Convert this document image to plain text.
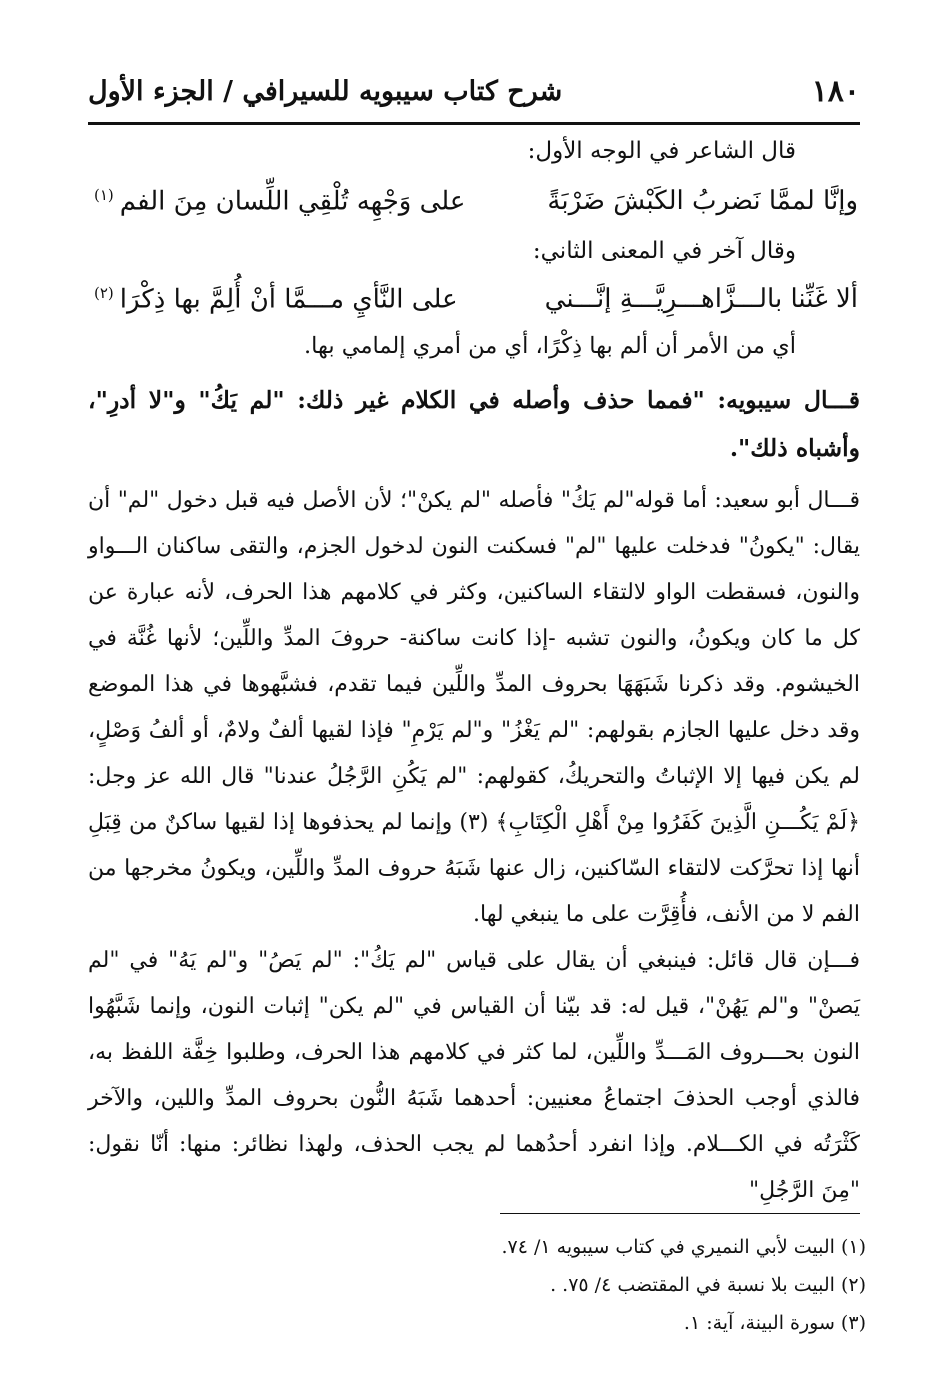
١٨٠
شرح كتاب سيبويه للسيرافي / الجزء الأول
قال الشاعر في الوجه الأول:
وإنَّا لممَّا نَضربُ الكَبْشَ ضَرْبَةً
على وَجْهِه تُلْقِي اللِّسان مِنَ الفم$^{(١)}$
وقال آخر في المعنى الثاني:
ألا غَنِّنا بالـــزَّاهـــرِيَّـــةِ إنَّـــني
على النَّأيِ مـــمَّا أنْ أُلِمَّ بها ذِكْرَا$^{(٢)}$
أي من الأمر أن ألم بها ذِكْرًا، أي من أمري إلمامي بها.
قـــال سيبويه: "فمما حذف وأصله في الكلام غير ذلك: "لم يَكُ" و"لا أدرِ"، وأشباه ذلك".
قـــال أبو سعيد: أما قوله"لم يَكُ" فأصله "لم يكنْ"؛ لأن الأصل فيه قبل دخول "لم" أن يقال: "يكونُ" فدخلت عليها "لم" فسكنت النون لدخول الجزم، والتقى ساكنان الـــواو والنون، فسقطت الواو لالتقاء الساكنين، وكثر في كلامهم هذا الحرف، لأنه عبارة عن كل ما كان ويكونُ، والنون تشبه -إذا كانت ساكنة- حروفَ المدِّ واللِّين؛ لأنها غُنَّة في الخيشوم. وقد ذكرنا شَبَهَهَا بحروف المدِّ واللِّين فيما تقدم، فشبَّهوها في هذا الموضع وقد دخل عليها الجازم بقولهم: "لم يَغْزُ" و"لم يَرْمِ" فإذا لقيها ألفٌ ولامٌ، أو ألفُ وَصْلٍ، لم يكن فيها إلا الإثباتُ والتحريكُ، كقولهم: "لم يَكُنِ الرَّجُلُ عندنا" قال الله عز وجل: ﴿لَمْ يَكُـــنِ الَّذِينَ كَفَرُوا مِنْ أَهْلِ الْكِتَابِ﴾ (٣) وإنما لم يحذفوها إذا لقيها ساكنٌ من قِبَلِ أنها إذا تحرَّكت لالتقاء السّاكنين، زال عنها شَبَهُ حروف المدِّ واللِّين، ويكونُ مخرجها من الفم لا من الأنف، فأُقِرَّت على ما ينبغي لها.
فـــإن قال قائل: فينبغي أن يقال على قياس "لم يَكُ": "لم يَصُ" و"لم يَهُ" في "لم يَصنْ" و"لم يَهُنْ"، قيل له: قد بيّنا أن القياس في "لم يكن" إثبات النون، وإنما شَبَّهُوا النون بحـــروف المَـــدِّ واللِّين، لما كثر في كلامهم هذا الحرف، وطلبوا خِفَّة اللفظ به، فالذي أوجب الحذفَ اجتماعُ معنيين: أحدهما شَبَهُ النُّون بحروف المدِّ واللين، والآخر كَثْرَتُه في الكـــلام. وإذا انفرد أحدُهما لم يجب الحذف، ولهذا نظائر: منها: أنّا نقول: "مِنَ الرَّجُلِ"
(١) البيت لأبي النميري في كتاب سيبويه ١/ ٧٤.
(٢) البيت بلا نسبة في المقتضب ٤/ ٧٥. .
(٣) سورة البينة، آية: ١.
